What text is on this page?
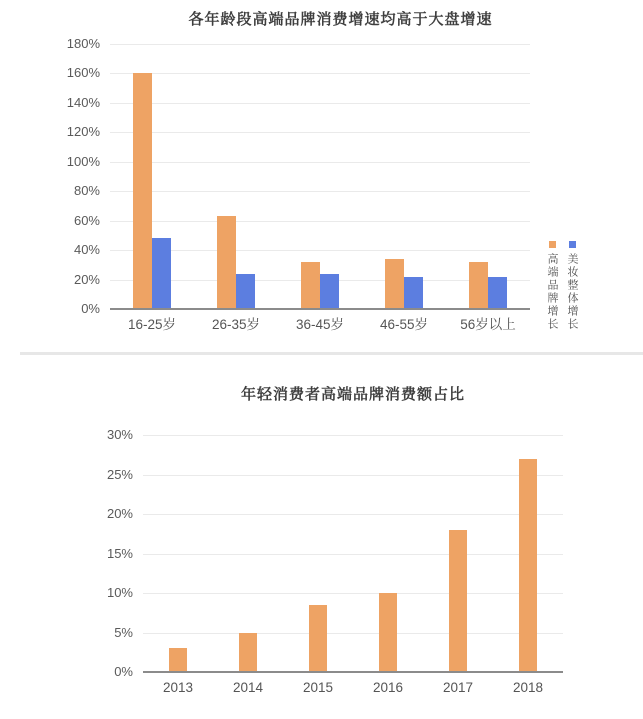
各年龄段高端品牌消费增速均高于大盘增速
180%
160%
140%
120%
100%
80%
60%
40%
20%
0%
16-25岁	26-35岁	36-45岁	46-55岁	56岁以上	高端品牌增长 美妆整体增长
年轻消费者高端品牌消费额占比
30%
25%
20%
15%
10%
5%
0%
2013	2014	2015	2016	2017	2018
